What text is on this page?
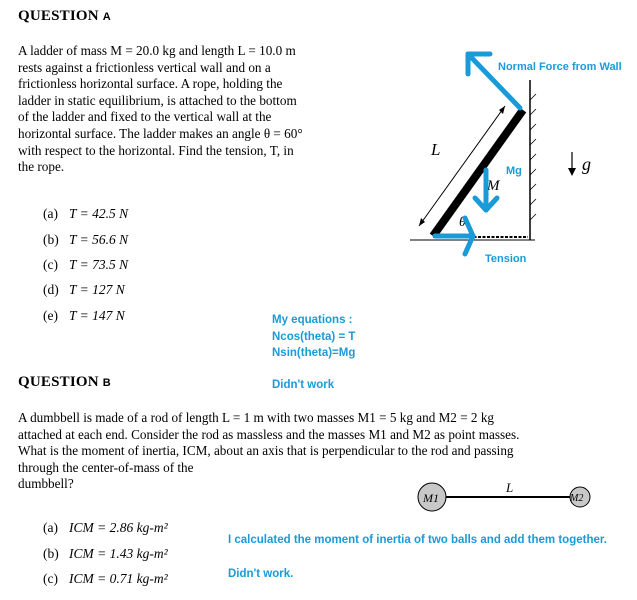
QUESTION A
A ladder of mass M = 20.0 kg and length L = 10.0 m
rests against a frictionless vertical wall and on a
frictionless horizontal surface. A rope, holding the
ladder in static equilibrium, is attached to the bottom
of the ladder and fixed to the vertical wall at the
horizontal surface. The ladder makes an angle θ = 60°
with respect to the horizontal. Find the tension, T, in
the rope.
(a) T = 42.5 N
(b) T = 56.6 N
(c) T = 73.5 N
(d) T = 127 N
(e) T = 147 N
L
M
θ
Normal Force from Wall
Mg
Tension
g
My equations :
Ncos(theta) = T
Nsin(theta)=Mg
Didn't work
QUESTION B
A dumbbell is made of a rod of length L = 1 m with two masses M1 = 5 kg and M2 = 2 kg
attached at each end. Consider the rod as massless and the masses M1 and M2 as point masses.
What is the moment of inertia, ICM, about an axis that is perpendicular to the rod and passing
through the center-of-mass of the
dumbbell?
M1	M2
L
(a) ICM = 2.86 kg-m²
(b) ICM = 1.43 kg-m²
(c) ICM = 0.71 kg-m²
I calculated the moment of inertia of two balls and add them together.
Didn't work.
